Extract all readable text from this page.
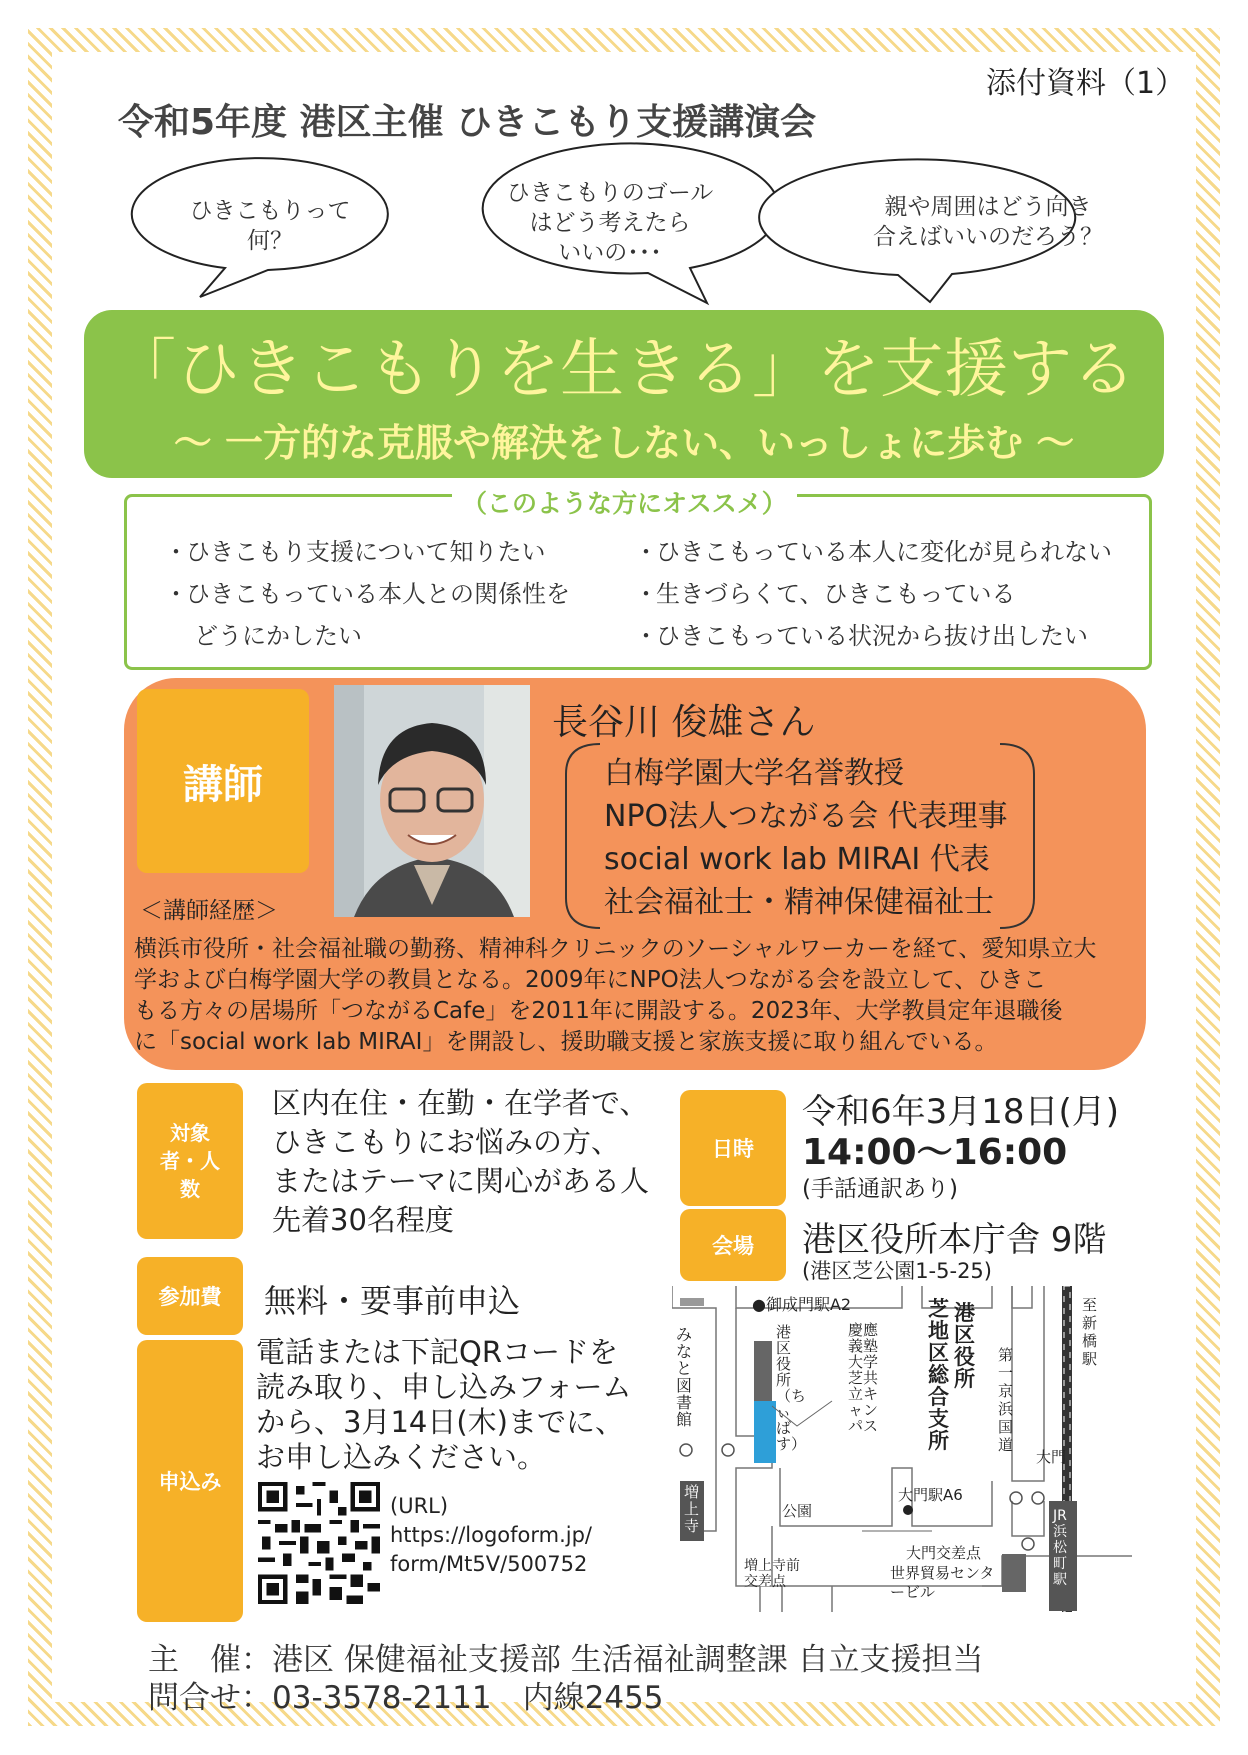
添付資料（1）
令和5年度 港区主催 ひきこもり支援講演会
ひきこもりって
何？
ひきこもりのゴール
はどう考えたら
いいの･･･
親や周囲はどう向き
合えばいいのだろう？
「ひきこもりを生きる」を支援する
～ 一方的な克服や解決をしない、いっしょに歩む ～
（このような方にオススメ）
・ひきこもり支援について知りたい
・ひきこもっている本人との関係性を
どうにかしたい
・ひきこもっている本人に変化が見られない
・生きづらくて、ひきこもっている
・ひきこもっている状況から抜け出したい
講師
長谷川 俊雄さん
白梅学園大学名誉教授
NPO法人つながる会 代表理事
social work lab MIRAI 代表
社会福祉士・精神保健福祉士
＜講師経歴＞
横浜市役所・社会福祉職の勤務、精神科クリニックのソーシャルワーカーを経て、愛知県立大
学および白梅学園大学の教員となる。2009年にNPO法人つながる会を設立して、ひきこ
もる方々の居場所「つながるCafe」を2011年に開設する。2023年、大学教員定年退職後
に「social work lab MIRAI」を開設し、援助職支援と家族支援に取り組んでいる。
対象者・人数
区内在住・在勤・在学者で、
ひきこもりにお悩みの方、
またはテーマに関心がある人
先着30名程度
参加費	無料・要事前申込
申込み
電話または下記QRコードを
読み取り、申し込みフォーム
から、3月14日(木)までに、
お申し込みください。
(URL)
https://logoform.jp/
form/Mt5V/500752
日時
令和6年3月18日(月)
14:00～16:00
(手話通訳あり)
会場	港区役所本庁舎 9階
(港区芝公園1-5-25)
●御成門駅A2
みなと図書館
港区役所（ちぃばす）
慶應義塾大学芝共立キャンパス
芝地区総合支所
港区役所
第一京浜国道
至新橋駅
大門
大門駅A6
公園
増上寺
大門交差点
増上寺前交差点	世界貿易センタービル
JR浜松町駅
主　催：港区 保健福祉支援部 生活福祉調整課 自立支援担当
問合せ：03-3578-2111　内線2455
